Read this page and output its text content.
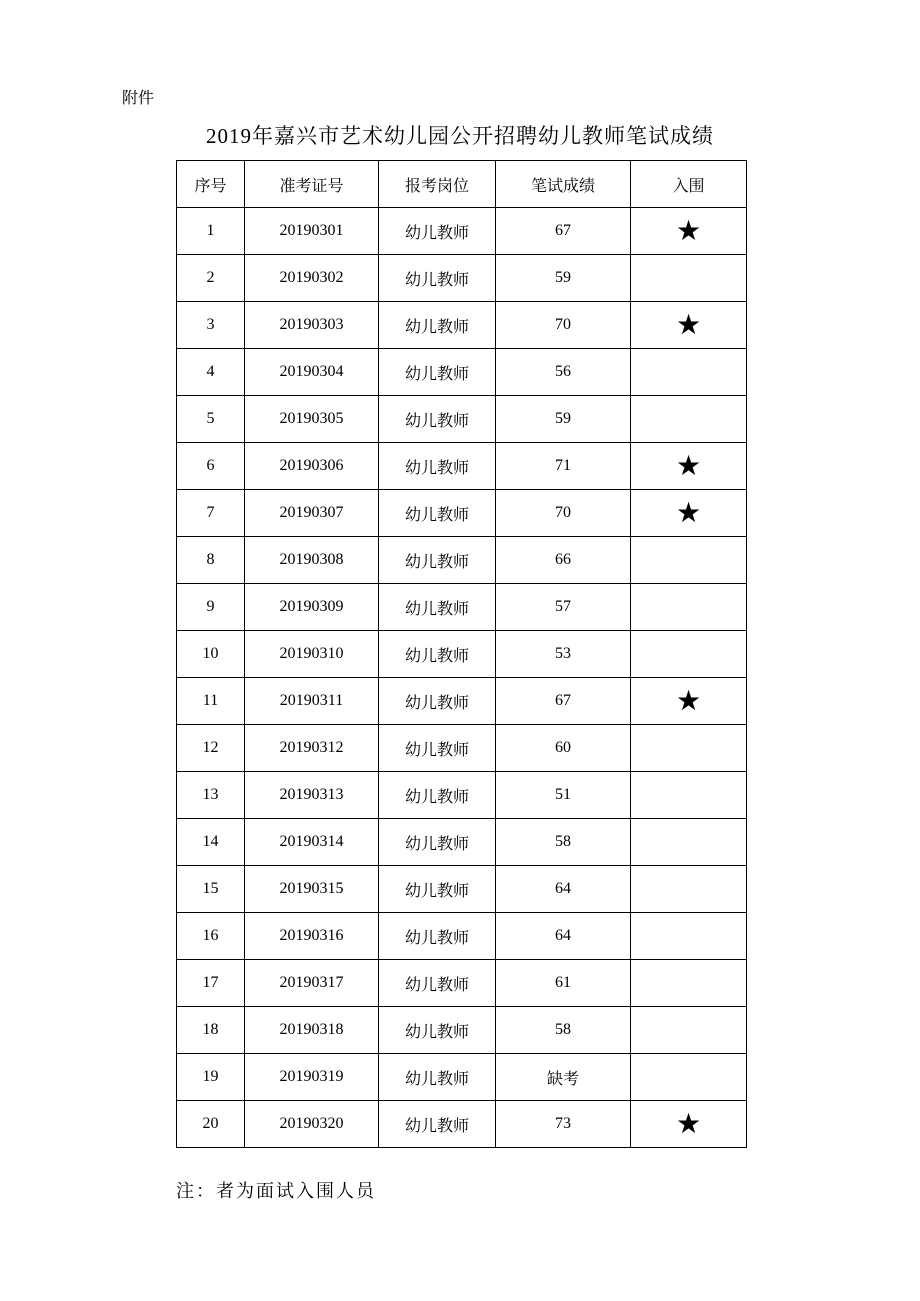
附件
2019年嘉兴市艺术幼儿园公开招聘幼儿教师笔试成绩
序号	准考证号	报考岗位	笔试成绩	入围
1	20190301	幼儿教师	67	★
2	20190302	幼儿教师	59	
3	20190303	幼儿教师	70	★
4	20190304	幼儿教师	56	
5	20190305	幼儿教师	59	
6	20190306	幼儿教师	71	★
7	20190307	幼儿教师	70	★
8	20190308	幼儿教师	66	
9	20190309	幼儿教师	57	
10	20190310	幼儿教师	53	
11	20190311	幼儿教师	67	★
12	20190312	幼儿教师	60	
13	20190313	幼儿教师	51	
14	20190314	幼儿教师	58	
15	20190315	幼儿教师	64	
16	20190316	幼儿教师	64	
17	20190317	幼儿教师	61	
18	20190318	幼儿教师	58	
19	20190319	幼儿教师	缺考	
20	20190320	幼儿教师	73	★
注：者为面试入围人员
